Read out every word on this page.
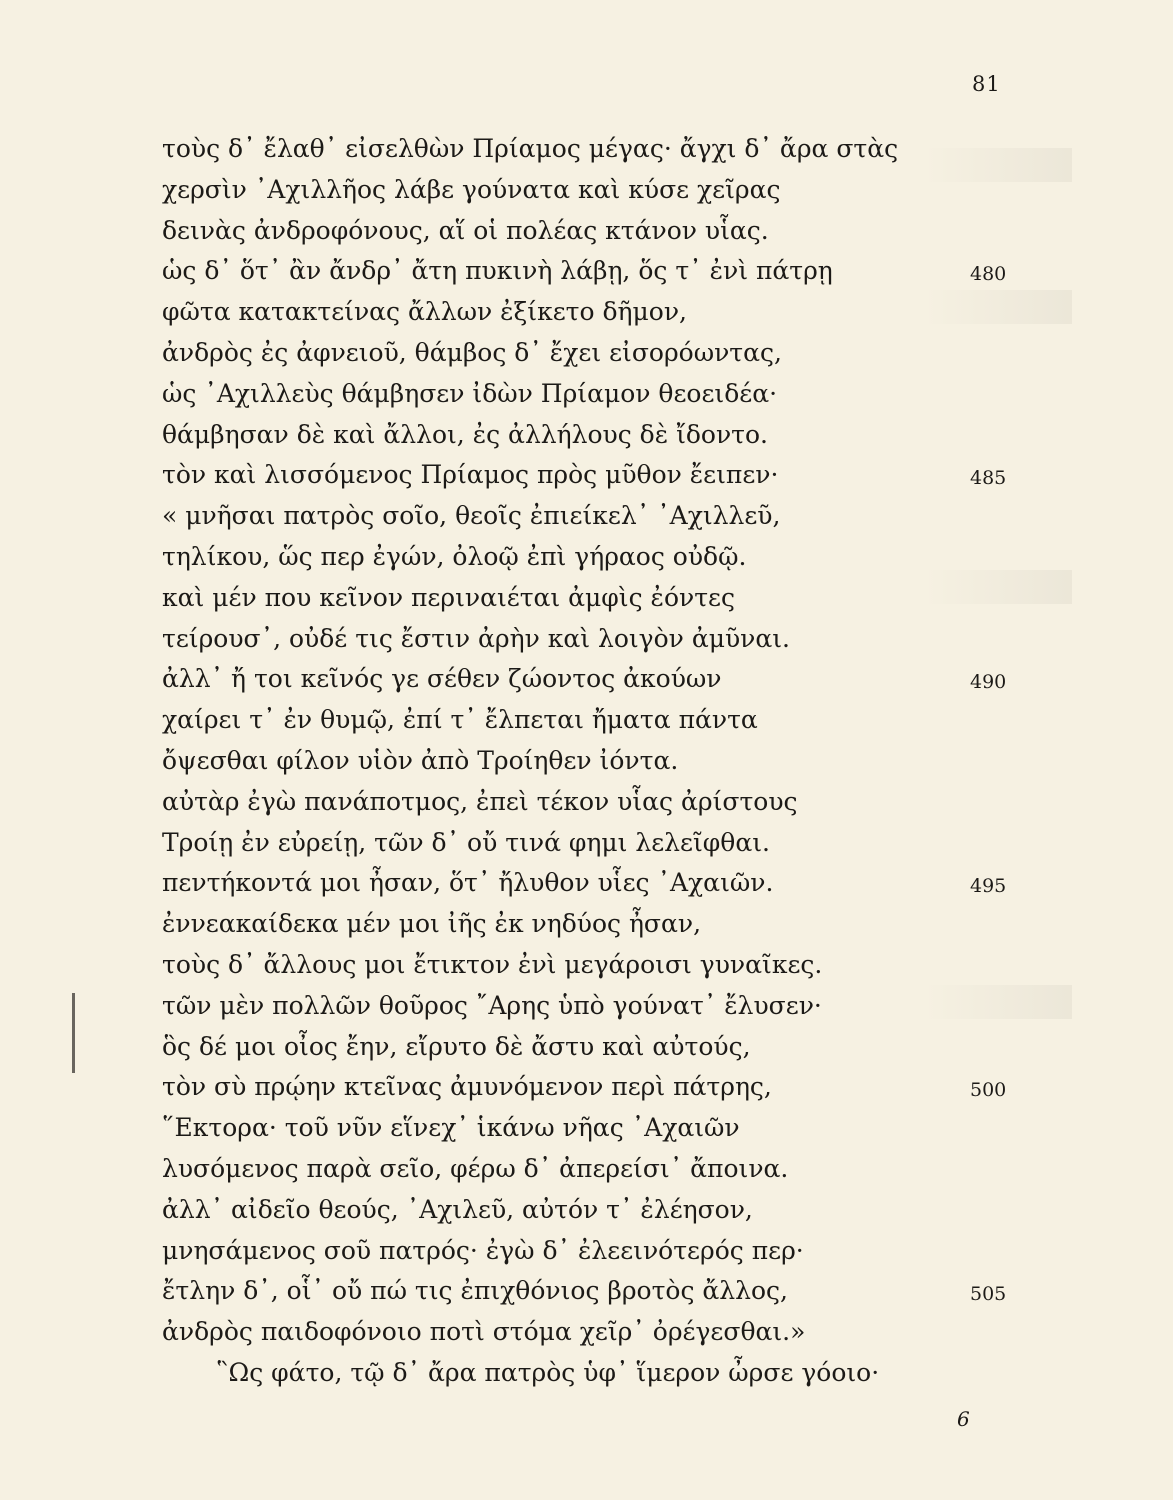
81
τοὺς δ᾿ ἔλαθ᾿ εἰσελθὼν Πρίαμος μέγας· ἄγχι δ᾿ ἄρα στὰς
χερσὶν ᾿Αχιλλῆος λάβε γούνατα καὶ κύσε χεῖρας
δεινὰς ἀνδροφόνους, αἵ οἱ πολέας κτάνον υἷας.
ὡς δ᾿ ὅτ᾿ ἂν ἄνδρ᾿ ἄτη πυκινὴ λάβῃ, ὅς τ᾿ ἐνὶ πάτρῃ	480
φῶτα κατακτείνας ἄλλων ἐξίκετο δῆμον,
ἀνδρὸς ἐς ἀφνειοῦ, θάμβος δ᾿ ἔχει εἰσορόωντας,
ὡς ᾿Αχιλλεὺς θάμβησεν ἰδὼν Πρίαμον θεοειδέα·
θάμβησαν δὲ καὶ ἄλλοι, ἐς ἀλλήλους δὲ ἴδοντο.
τὸν καὶ λισσόμενος Πρίαμος πρὸς μῦθον ἔειπεν·	485
« μνῆσαι πατρὸς σοῖο, θεοῖς ἐπιείκελ᾿ ᾿Αχιλλεῦ,
τηλίκου, ὥς περ ἐγών, ὀλοῷ ἐπὶ γήραος οὐδῷ.
καὶ μέν που κεῖνον περιναιέται ἀμφὶς ἐόντες
τείρουσ᾿, οὐδέ τις ἔστιν ἀρὴν καὶ λοιγὸν ἀμῦναι.
ἀλλ᾿ ἤ τοι κεῖνός γε σέθεν ζώοντος ἀκούων	490
χαίρει τ᾿ ἐν θυμῷ, ἐπί τ᾿ ἔλπεται ἤματα πάντα
ὄψεσθαι φίλον υἱὸν ἀπὸ Τροίηθεν ἰόντα.
αὐτὰρ ἐγὼ πανάποτμος, ἐπεὶ τέκον υἷας ἀρίστους
Τροίῃ ἐν εὐρείῃ, τῶν δ᾿ οὔ τινά φημι λελεῖφθαι.
πεντήκοντά μοι ἦσαν, ὅτ᾿ ἤλυθον υἷες ᾿Αχαιῶν.	495
ἐννεακαίδεκα μέν μοι ἰῆς ἐκ νηδύος ἦσαν,
τοὺς δ᾿ ἄλλους μοι ἔτικτον ἐνὶ μεγάροισι γυναῖκες.
τῶν μὲν πολλῶν θοῦρος ῎Αρης ὑπὸ γούνατ᾿ ἔλυσεν·
ὃς δέ μοι οἶος ἔην, εἴρυτο δὲ ἄστυ καὶ αὐτούς,
τὸν σὺ πρῴην κτεῖνας ἀμυνόμενον περὶ πάτρης,	500
῞Εκτορα· τοῦ νῦν εἵνεχ᾿ ἱκάνω νῆας ᾿Αχαιῶν
λυσόμενος παρὰ σεῖο, φέρω δ᾿ ἀπερείσι᾿ ἄποινα.
ἀλλ᾿ αἰδεῖο θεούς, ᾿Αχιλεῦ, αὐτόν τ᾿ ἐλέησον,
μνησάμενος σοῦ πατρός· ἐγὼ δ᾿ ἐλεεινότερός περ·
ἔτλην δ᾿, οἷ᾿ οὔ πώ τις ἐπιχθόνιος βροτὸς ἄλλος,	505
ἀνδρὸς παιδοφόνοιο ποτὶ στόμα χεῖρ᾿ ὀρέγεσθαι.»
῝Ως φάτο, τῷ δ᾿ ἄρα πατρὸς ὑφ᾿ ἵμερον ὦρσε γόοιο·
6
